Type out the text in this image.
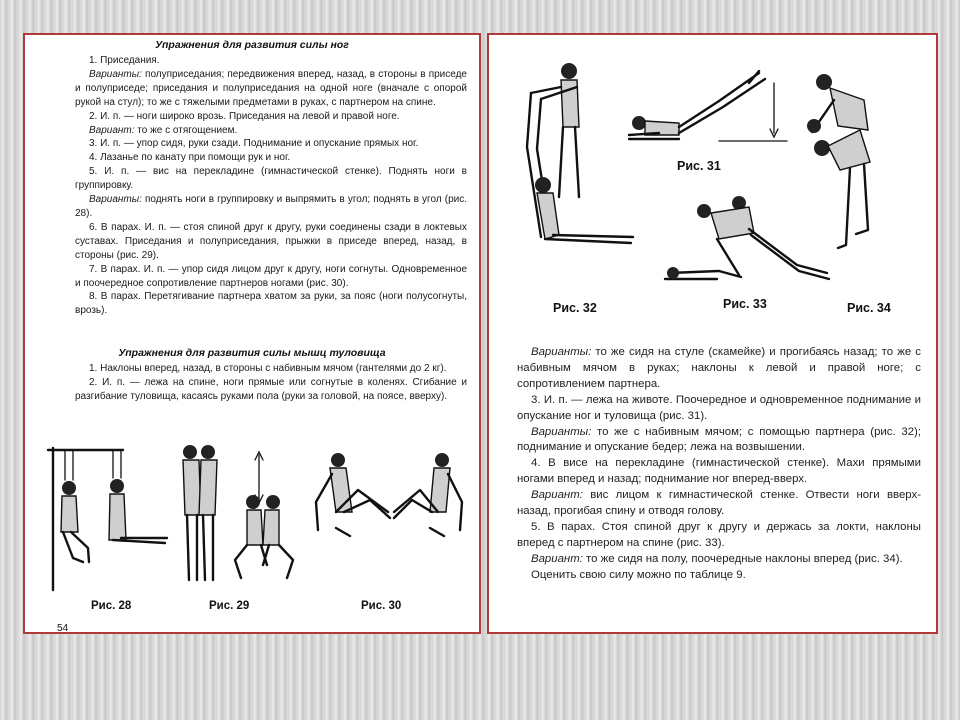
Упражнения для развития силы ног

1. Приседания.

Варианты: полуприседания; передвижения вперед, назад, в стороны в приседе и полуприседе; приседания и полуприседания на одной ноге (вначале с опорой рукой на стул); то же с тяжелыми предметами в руках, с партнером на спине.

2. И. п. — ноги широко врозь. Приседания на левой и правой ноге.

Вариант: то же с отягощением.

3. И. п. — упор сидя, руки сзади. Поднимание и опускание прямых ног.

4. Лазанье по канату при помощи рук и ног.

5. И. п. — вис на перекладине (гимнастической стенке). Поднять ноги в группировку.

Варианты: поднять ноги в группировку и выпрямить в угол; поднять в угол (рис. 28).

6. В парах. И. п. — стоя спиной друг к другу, руки соединены сзади в локтевых суставах. Приседания и полуприседания, прыжки в приседе вперед, назад, в стороны (рис. 29).

7. В парах. И. п. — упор сидя лицом друг к другу, ноги согнуты. Одновременное и поочередное сопротивление партнеров ногами (рис. 30).

8. В парах. Перетягивание партнера хватом за руки, за пояс (ноги полусогнуты, врозь).

Упражнения для развития силы мышц туловища

1. Наклоны вперед, назад, в стороны с набивным мячом (гантелями до 2 кг).

2. И. п. — лежа на спине, ноги прямые или согнутые в коленях. Сгибание и разгибание туловища, касаясь руками пола (руки за головой, на поясе, вверху).

Рис. 28	Рис. 29	Рис. 30
54
Рис. 31
Рис. 32	Рис. 33	Рис. 34

Варианты: то же сидя на стуле (скамейке) и прогибаясь назад; то же с набивным мячом в руках; наклоны к левой и правой ноге; с сопротивлением партнера.

3. И. п. — лежа на животе. Поочередное и одновременное поднимание и опускание ног и туловища (рис. 31).

Варианты: то же с набивным мячом; с помощью партнера (рис. 32); поднимание и опускание бедер; лежа на возвышении.

4. В висе на перекладине (гимнастической стенке). Махи прямыми ногами вперед и назад; поднимание ног вперед-вверх.

Вариант: вис лицом к гимнастической стенке. Отвести ноги вверх-назад, прогибая спину и отводя голову.

5. В парах. Стоя спиной друг к другу и держась за локти, наклоны вперед с партнером на спине (рис. 33).

Вариант: то же сидя на полу, поочередные наклоны вперед (рис. 34).

Оценить свою силу можно по таблице 9.
